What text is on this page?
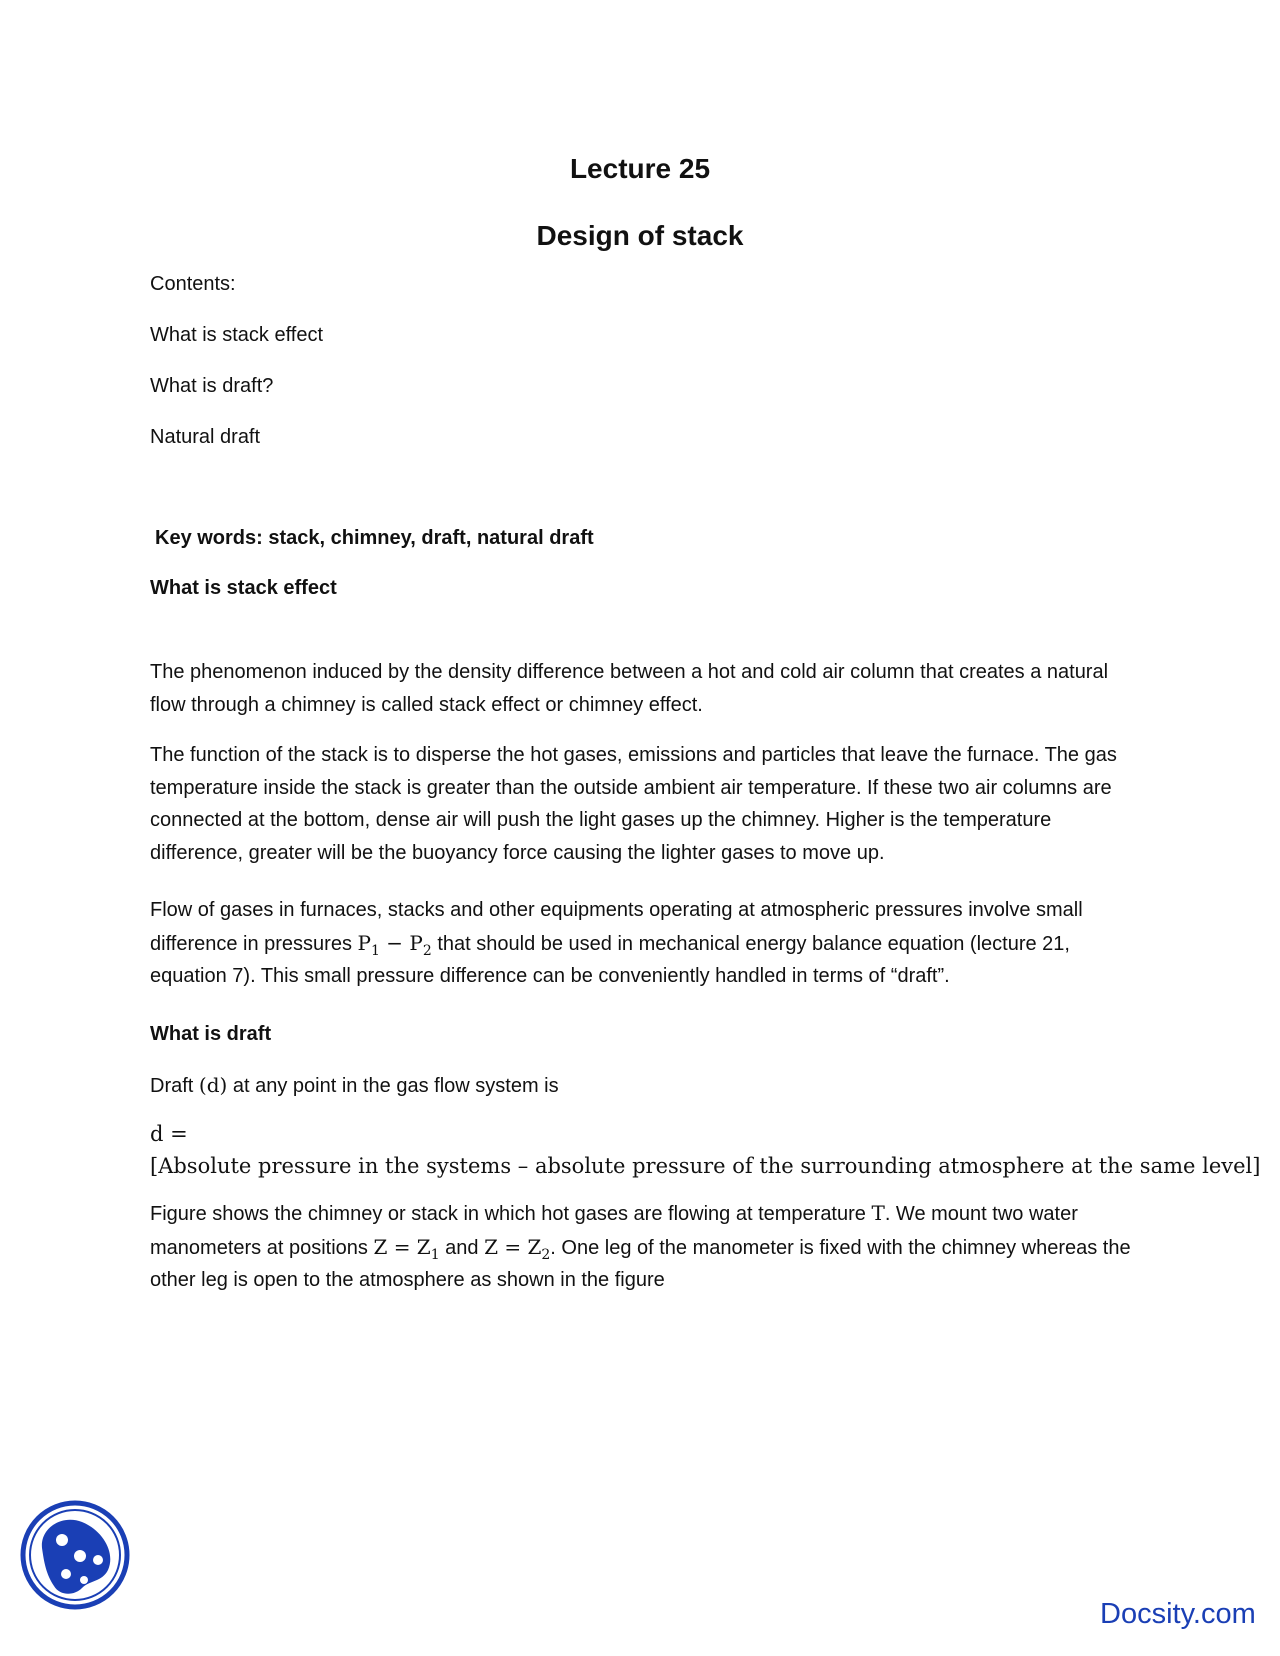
Lecture 25
Design of stack
Contents:
What is stack effect
What is draft?
Natural draft
Key words: stack, chimney, draft, natural draft
What is stack effect
The phenomenon induced by the density difference between a hot and cold air column that creates a natural flow through a chimney is called stack effect or chimney effect.
The function of the stack is to disperse the hot gases, emissions and particles that leave the furnace. The gas temperature inside the stack is greater than the outside ambient air temperature. If these two air columns are connected at the bottom, dense air will push the light gases up the chimney. Higher is the temperature difference, greater will be the buoyancy force causing the lighter gases to move up.
Flow of gases in furnaces, stacks and other equipments operating at atmospheric pressures involve small difference in pressures $P_1 - P_2$ that should be used in mechanical energy balance equation (lecture 21, equation 7). This small pressure difference can be conveniently handled in terms of “draft”.
What is draft
Draft (d) at any point in the gas flow system is
d =
[Absolute pressure in the systems – absolute pressure of the surrounding atmosphere at the same level]
Figure shows the chimney or stack in which hot gases are flowing at temperature T. We mount two water manometers at positions $Z = Z_1$ and $Z = Z_2$. One leg of the manometer is fixed with the chimney whereas the other leg is open to the atmosphere as shown in the figure
Docsity.com
